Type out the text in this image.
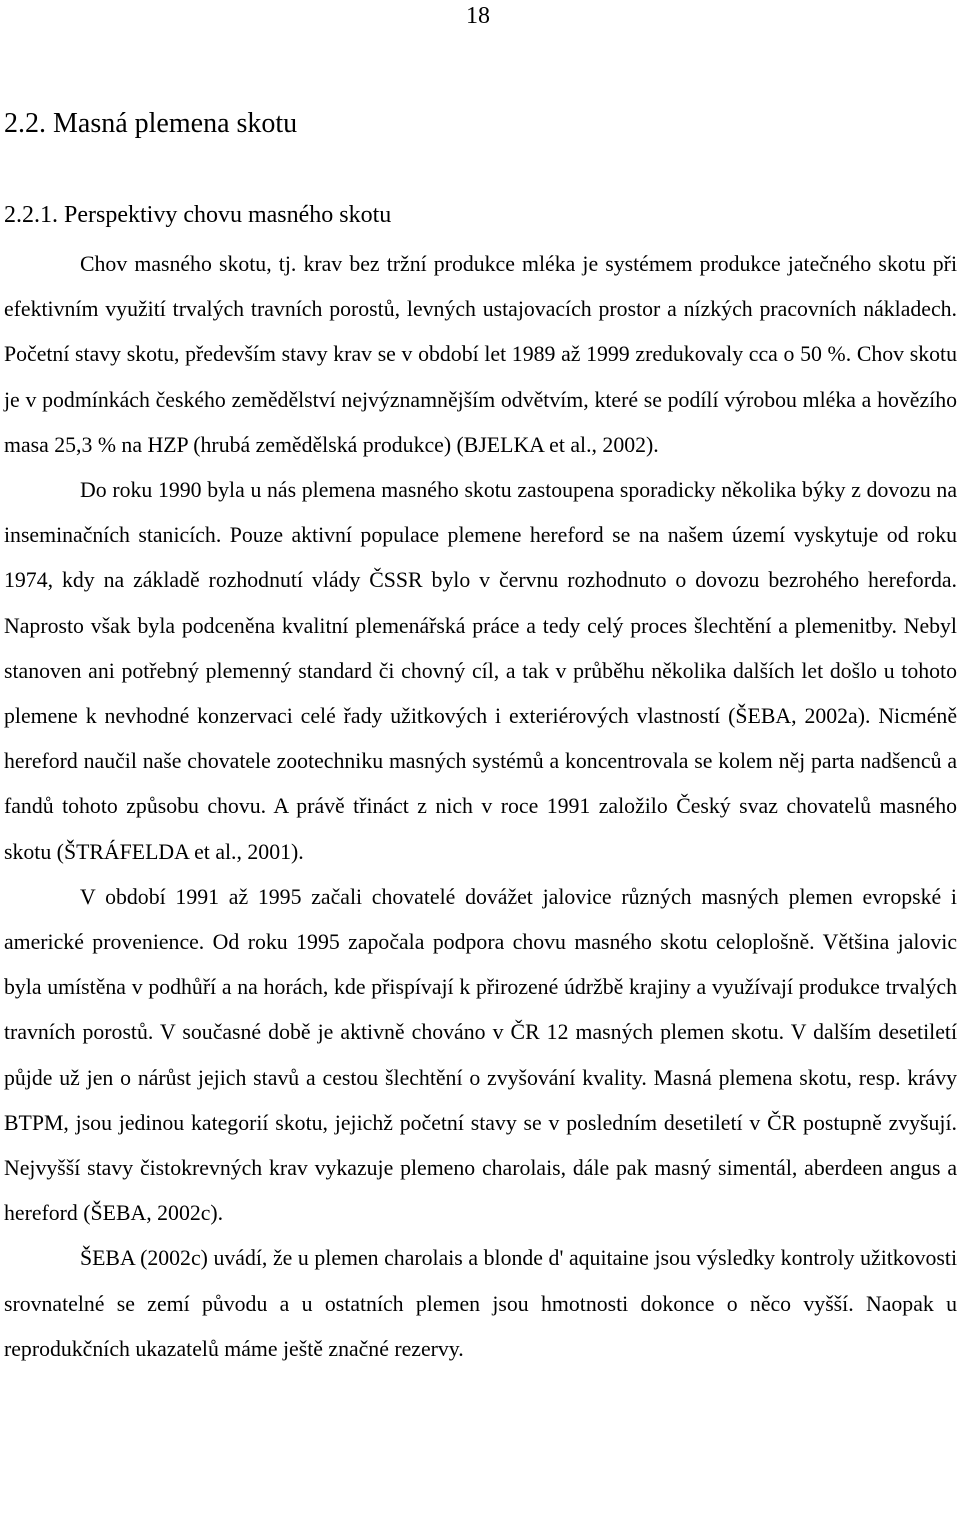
18
2.2. Masná plemena skotu
2.2.1. Perspektivy chovu masného skotu

Chov masného skotu, tj. krav bez tržní produkce mléka je systémem produkce jatečného skotu při efektivním využití trvalých travních porostů, levných ustajovacích prostor a nízkých pracovních nákladech. Početní stavy skotu, především stavy krav se v období let 1989 až 1999 zredukovaly cca o 50 %. Chov skotu je v podmínkách českého zemědělství nejvýznamnějším odvětvím, které se podílí výrobou mléka a hovězího masa 25,3 % na HZP (hrubá zemědělská produkce) (BJELKA et al., 2002).

Do roku 1990 byla u nás plemena masného skotu zastoupena sporadicky několika býky z dovozu na inseminačních stanicích. Pouze aktivní populace plemene hereford se na našem území vyskytuje od roku 1974, kdy na základě rozhodnutí vlády ČSSR bylo v červnu rozhodnuto o dovozu bezrohého hereforda. Naprosto však byla podceněna kvalitní plemenářská práce a tedy celý proces šlechtění a plemenitby. Nebyl stanoven ani potřebný plemenný standard či chovný cíl, a tak v průběhu několika dalších let došlo u tohoto plemene k nevhodné konzervaci celé řady užitkových i exteriérových vlastností (ŠEBA, 2002a). Nicméně hereford naučil naše chovatele zootechniku masných systémů a koncentrovala se kolem něj parta nadšenců a fandů tohoto způsobu chovu. A právě třináct z nich v roce 1991 založilo Český svaz chovatelů masného skotu (ŠTRÁFELDA et al., 2001).

V období 1991 až 1995 začali chovatelé dovážet jalovice různých masných plemen evropské i americké provenience. Od roku 1995 započala podpora chovu masného skotu celoplošně. Většina jalovic byla umístěna v podhůří a na horách, kde přispívají k přirozené údržbě krajiny a využívají produkce trvalých travních porostů. V současné době je aktivně chováno v ČR 12 masných plemen skotu. V dalším desetiletí půjde už jen o nárůst jejich stavů a cestou šlechtění o zvyšování kvality. Masná plemena skotu, resp. krávy BTPM, jsou jedinou kategorií skotu, jejichž početní stavy se v posledním desetiletí v ČR postupně zvyšují. Nejvyšší stavy čistokrevných krav vykazuje plemeno charolais, dále pak masný simentál, aberdeen angus a hereford (ŠEBA, 2002c).

ŠEBA (2002c) uvádí, že u plemen charolais a blonde d' aquitaine jsou výsledky kontroly užitkovosti srovnatelné se zemí původu a u ostatních plemen jsou hmotnosti dokonce o něco vyšší. Naopak u reprodukčních ukazatelů máme ještě značné rezervy.
